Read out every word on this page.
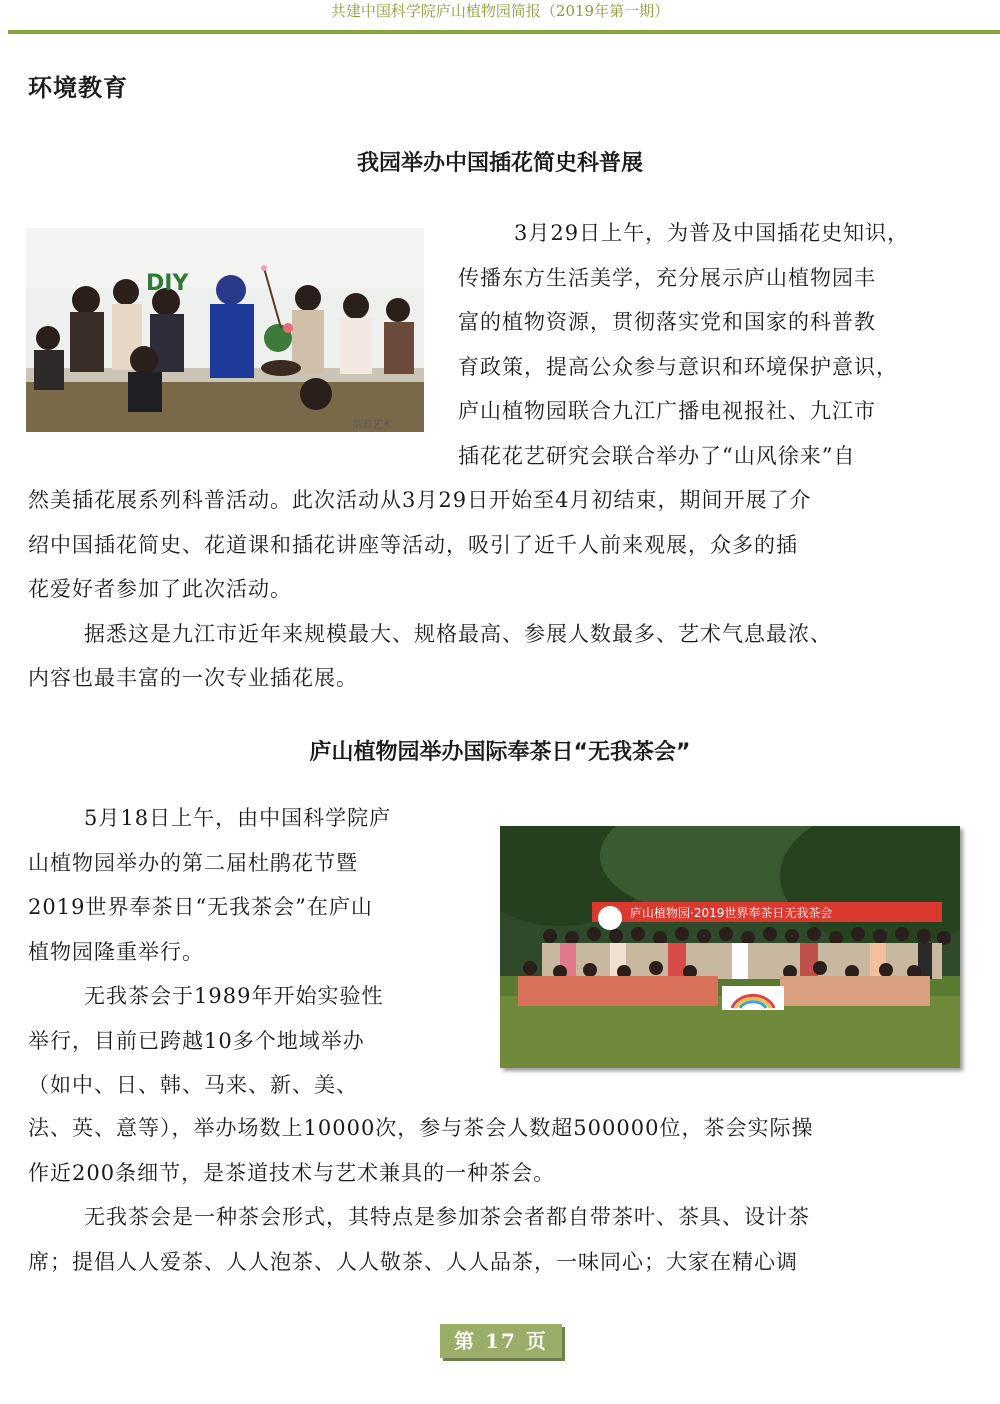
共建中国科学院庐山植物园简报（2019年第一期）
环境教育
我园举办中国插花简史科普展
DIY
第若艺术
3月29日上午，为普及中国插花史知识，
传播东方生活美学，充分展示庐山植物园丰
富的植物资源，贯彻落实党和国家的科普教
育政策，提高公众参与意识和环境保护意识，
庐山植物园联合九江广播电视报社、九江市
插花花艺研究会联合举办了“山风徐来”自
然美插花展系列科普活动。此次活动从3月29日开始至4月初结束，期间开展了介
绍中国插花简史、花道课和插花讲座等活动，吸引了近千人前来观展，众多的插
花爱好者参加了此次活动。
据悉这是九江市近年来规模最大、规格最高、参展人数最多、艺术气息最浓、
内容也最丰富的一次专业插花展。
庐山植物园举办国际奉茶日“无我茶会”
5月18日上午，由中国科学院庐
山植物园举办的第二届杜鹃花节暨
2019世界奉茶日“无我茶会”在庐山
植物园隆重举行。
无我茶会于1989年开始实验性
举行，目前已跨越10多个地域举办
（如中、日、韩、马来、新、美、
庐山植物园·2019世界奉茶日无我茶会
法、英、意等），举办场数上10000次，参与茶会人数超500000位，茶会实际操
作近200条细节，是茶道技术与艺术兼具的一种茶会。
无我茶会是一种茶会形式，其特点是参加茶会者都自带茶叶、茶具、设计茶
席；提倡人人爱茶、人人泡茶、人人敬茶、人人品茶，一味同心；大家在精心调
第 17 页
